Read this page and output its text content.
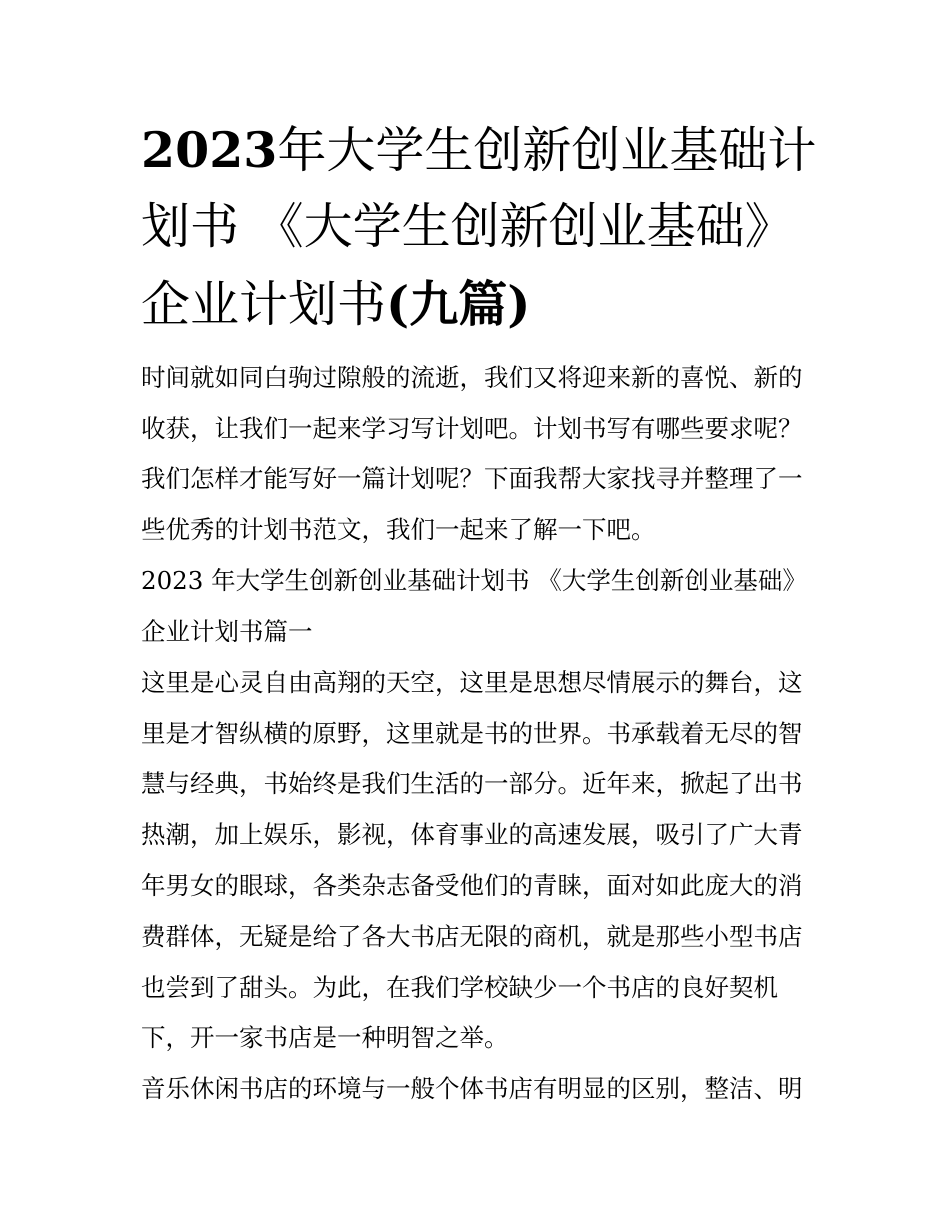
2023年大学生创新创业基础计
划书 《大学生创新创业基础》
企业计划书(九篇)
时间就如同白驹过隙般的流逝，我们又将迎来新的喜悦、新的
收获，让我们一起来学习写计划吧。计划书写有哪些要求呢？
我们怎样才能写好一篇计划呢？下面我帮大家找寻并整理了一
些优秀的计划书范文，我们一起来了解一下吧。
2023 年大学生创新创业基础计划书 《大学生创新创业基础》
企业计划书篇一
这里是心灵自由高翔的天空，这里是思想尽情展示的舞台，这
里是才智纵横的原野，这里就是书的世界。书承载着无尽的智
慧与经典，书始终是我们生活的一部分。近年来，掀起了出书
热潮，加上娱乐，影视，体育事业的高速发展，吸引了广大青
年男女的眼球，各类杂志备受他们的青睐，面对如此庞大的消
费群体，无疑是给了各大书店无限的商机，就是那些小型书店
也尝到了甜头。为此，在我们学校缺少一个书店的良好契机
下，开一家书店是一种明智之举。
音乐休闲书店的环境与一般个体书店有明显的区别，整洁、明
